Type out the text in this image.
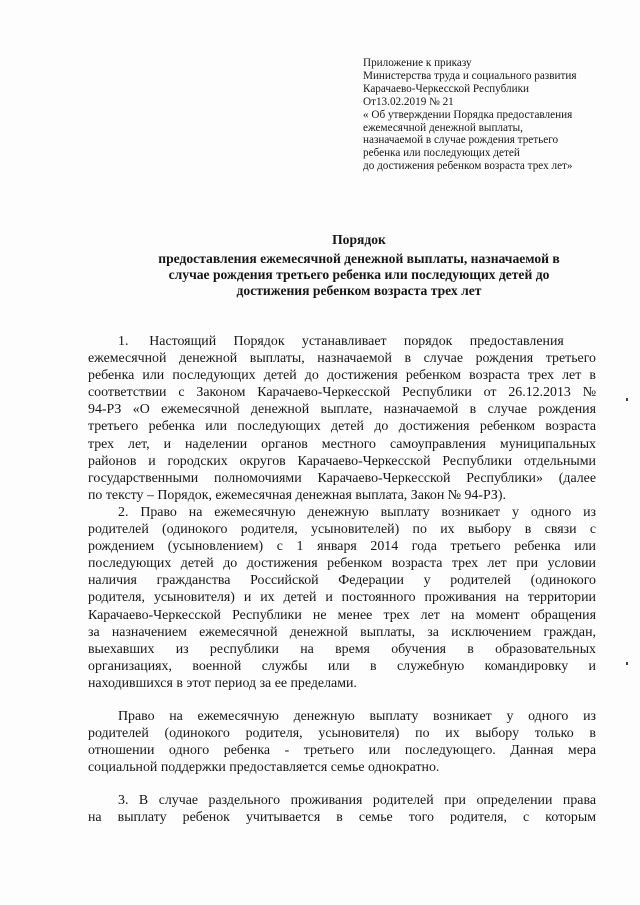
Приложение к приказу
Министерства труда и социального развития
Карачаево-Черкесской Республики
От13.02.2019 № 21
« Об утверждении Порядка предоставления
ежемесячной денежной выплаты,
назначаемой в случае рождения третьего
ребенка или последующих детей
до достижения ребенком возраста трех лет»
Порядок
предоставления ежемесячной денежной выплаты, назначаемой в
случае рождения третьего ребенка или последующих детей до
достижения ребенком возраста трех лет
1.      Настоящий     Порядок     устанавливает     порядок     предоставления
ежемесячной денежной выплаты, назначаемой в случае рождения третьего
ребенка или последующих детей до достижения ребенком возраста трех лет в
соответствии с Законом Карачаево-Черкесской Республики от 26.12.2013 №
94-РЗ «О ежемесячной денежной выплате, назначаемой в случае рождения
третьего ребенка или последующих детей до достижения ребенком возраста
трех лет, и наделении органов местного самоуправления муниципальных
районов и городских округов Карачаево-Черкесской Республики отдельными
государственными полномочиями Карачаево-Черкесской Республики» (далее
по тексту – Порядок, ежемесячная денежная выплата, Закон № 94-РЗ).
2. Право на ежемесячную денежную выплату возникает у одного из
родителей (одинокого родителя, усыновителей) по их выбору в связи с
рождением (усыновлением) с 1 января 2014 года третьего ребенка или
последующих детей до достижения ребенком возраста трех лет при условии
наличия гражданства Российской Федерации у родителей (одинокого
родителя, усыновителя) и их детей и постоянного проживания на территории
Карачаево-Черкесской Республики не менее трех лет на момент обращения
за назначением ежемесячной денежной выплаты, за исключением граждан,
выехавших из республики на время обучения в образовательных
организациях, военной службы или в служебную командировку и
находившихся в этот период за ее пределами.
Право на ежемесячную денежную выплату возникает у одного из
родителей (одинокого родителя, усыновителя) по их выбору только в
отношении одного ребенка - третьего или последующего. Данная мера
социальной поддержки предоставляется семье однократно.
3. В случае раздельного проживания родителей при определении права
на выплату ребенок учитывается в семье того родителя, с которым
